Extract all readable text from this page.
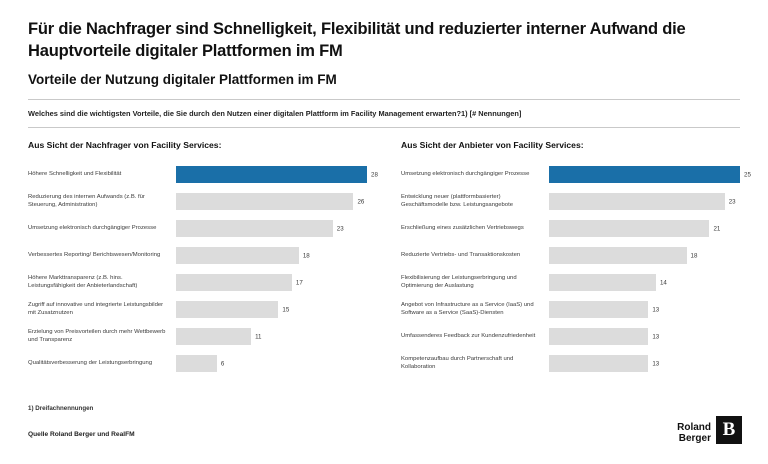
Für die Nachfrager sind Schnelligkeit, Flexibilität und reduzierter interner Aufwand die Hauptvorteile digitaler Plattformen im FM
Vorteile der Nutzung digitaler Plattformen im FM
Welches sind die wichtigsten Vorteile, die Sie durch den Nutzen einer digitalen Plattform im Facility Management erwarten?1) [# Nennungen]
Aus Sicht der Nachfrager von Facility Services:
Höhere Schnelligkeit und Flexibilität	28
Reduzierung des internen Aufwands (z.B. für Steuerung, Administration)	26
Umsetzung elektronisch durchgängiger Prozesse	23
Verbessertes Reporting/ Berichtswesen/Monitoring	18
Höhere Markttransparenz (z.B. hins. Leistungsfähigkeit der Anbieterlandschaft)	17
Zugriff auf innovative und integrierte Leistungsbilder mit Zusatznutzen	15
Erzielung von Preisvorteilen durch mehr Wettbewerb und Transparenz	11
Qualitätsverbesserung der Leistungserbringung	6
Aus Sicht der Anbieter von Facility Services:
Umsetzung elektronisch durchgängiger Prozesse	25
Entwicklung neuer (plattformbasierter) Geschäftsmodelle bzw. Leistungsangebote	23
Erschließung eines zusätzlichen Vertriebswegs	21
Reduzierte Vertriebs- und Transaktionskosten	18
Flexibilisierung der Leistungserbringung und Optimierung der Auslastung	14
Angebot von Infrastructure as a Service (IaaS) und Software as a Service (SaaS)-Diensten	13
Umfassenderes Feedback zur Kundenzufriedenheit	13
Kompetenzaufbau durch Partnerschaft und Kollaboration	13
1) Dreifachnennungen
Quelle Roland Berger und RealFM
Roland
Berger B
